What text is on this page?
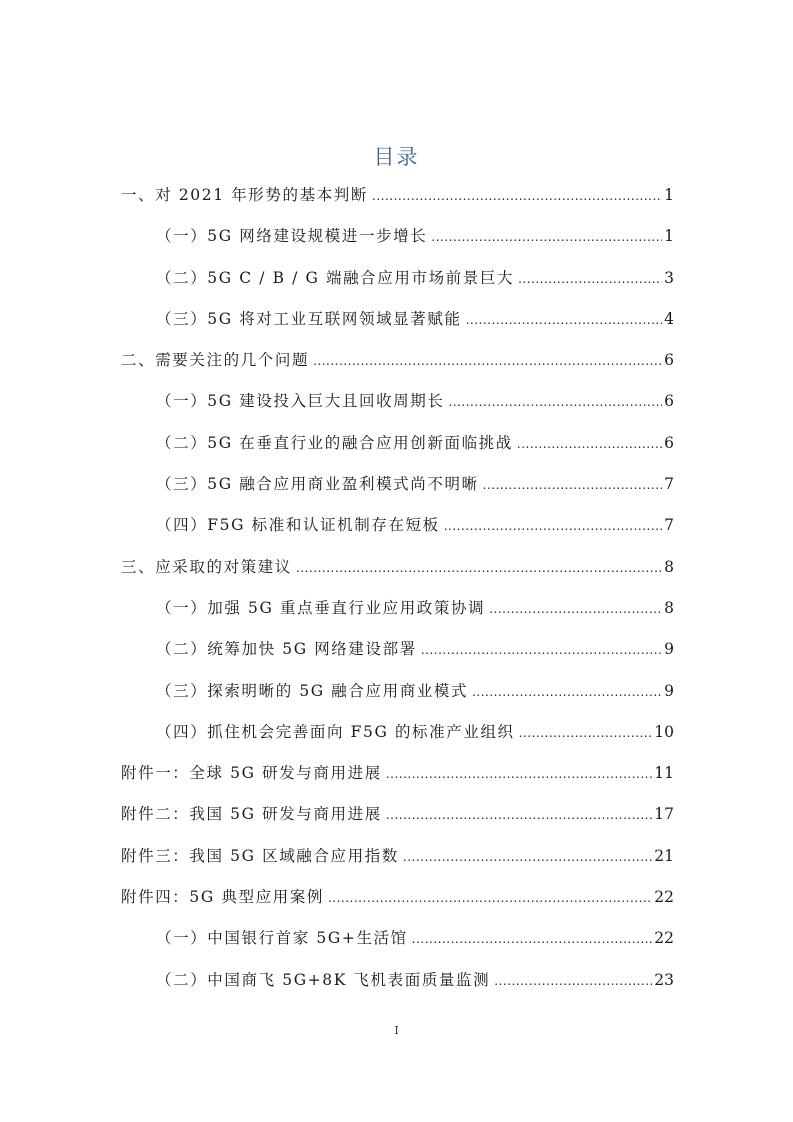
目录
一、对 2021 年形势的基本判断 .....	1
（一）5G 网络建设规模进一步增长 .....	1
（二）5G C / B / G 端融合应用市场前景巨大 .....	3
（三）5G 将对工业互联网领域显著赋能 .....	4
二、需要关注的几个问题 .....	6
（一）5G 建设投入巨大且回收周期长 .....	6
（二）5G 在垂直行业的融合应用创新面临挑战 .....	6
（三）5G 融合应用商业盈利模式尚不明晰 .....	7
（四）F5G 标准和认证机制存在短板 .....	7
三、应采取的对策建议 .....	8
（一）加强 5G 重点垂直行业应用政策协调 .....	8
（二）统筹加快 5G 网络建设部署 .....	9
（三）探索明晰的 5G 融合应用商业模式 .....	9
（四）抓住机会完善面向 F5G 的标准产业组织 .....	10
附件一：全球 5G 研发与商用进展 .....	11
附件二：我国 5G 研发与商用进展 .....	17
附件三：我国 5G 区域融合应用指数 .....	21
附件四：5G 典型应用案例 .....	22
（一）中国银行首家 5G+生活馆 .....	22
（二）中国商飞 5G+8K 飞机表面质量监测 .....	23
I
